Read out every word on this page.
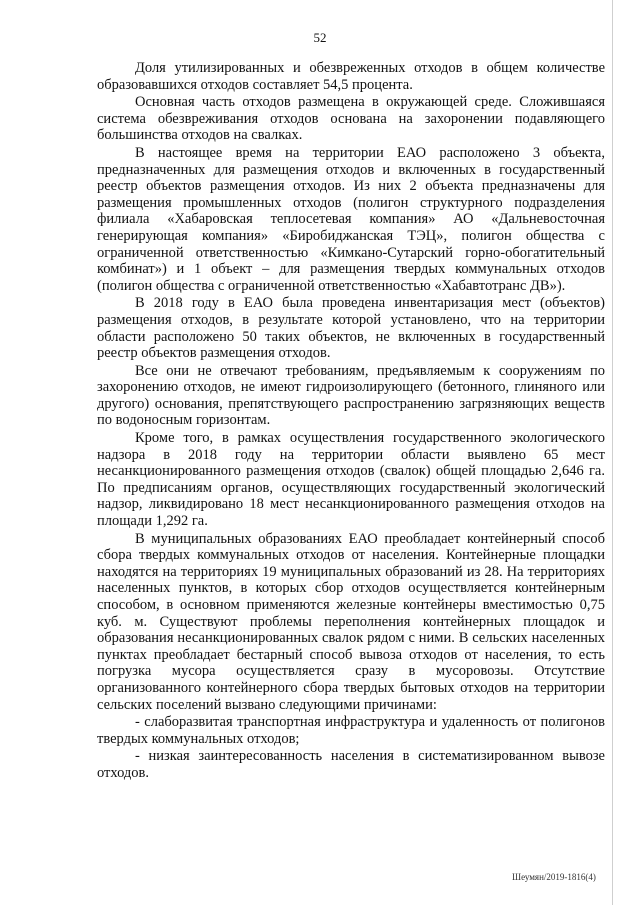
52

Доля утилизированных и обезвреженных отходов в общем количестве образовавшихся отходов составляет 54,5 процента.

Основная часть отходов размещена в окружающей среде. Сложившаяся система обезвреживания отходов основана на захоронении подавляющего большинства отходов на свалках.

В настоящее время на территории ЕАО расположено 3 объекта, предназначенных для размещения отходов и включенных в государственный реестр объектов размещения отходов. Из них 2 объекта предназначены для размещения промышленных отходов (полигон структурного подразделения филиала «Хабаровская теплосетевая компания» АО «Дальневосточная генерирующая компания» «Биробиджанская ТЭЦ», полигон общества с ограниченной ответственностью «Кимкано-Сутарский горно-обогатительный комбинат») и 1 объект – для размещения твердых коммунальных отходов (полигон общества с ограниченной ответственностью «Хабавтотранс ДВ»).

В 2018 году в ЕАО была проведена инвентаризация мест (объектов) размещения отходов, в результате которой установлено, что на территории области расположено 50 таких объектов, не включенных в государственный реестр объектов размещения отходов.

Все они не отвечают требованиям, предъявляемым к сооружениям по захоронению отходов, не имеют гидроизолирующего (бетонного, глиняного или другого) основания, препятствующего распространению загрязняющих веществ по водоносным горизонтам.

Кроме того, в рамках осуществления государственного экологического надзора в 2018 году на территории области выявлено 65 мест несанкционированного размещения отходов (свалок) общей площадью 2,646 га. По предписаниям органов, осуществляющих государственный экологический надзор, ликвидировано 18 мест несанкционированного размещения отходов на площади 1,292 га.

В муниципальных образованиях ЕАО преобладает контейнерный способ сбора твердых коммунальных отходов от населения. Контейнерные площадки находятся на территориях 19 муниципальных образований из 28. На территориях населенных пунктов, в которых сбор отходов осуществляется контейнерным способом, в основном применяются железные контейнеры вместимостью 0,75 куб. м. Существуют проблемы переполнения контейнерных площадок и образования несанкционированных свалок рядом с ними. В сельских населенных пунктах преобладает бестарный способ вывоза отходов от населения, то есть погрузка мусора осуществляется сразу в мусоровозы. Отсутствие организованного контейнерного сбора твердых бытовых отходов на территории сельских поселений вызвано следующими причинами:

- слаборазвитая транспортная инфраструктура и удаленность от полигонов твердых коммунальных отходов;

- низкая заинтересованность населения в систематизированном вывозе отходов.

Шеумян/2019-1816(4)
